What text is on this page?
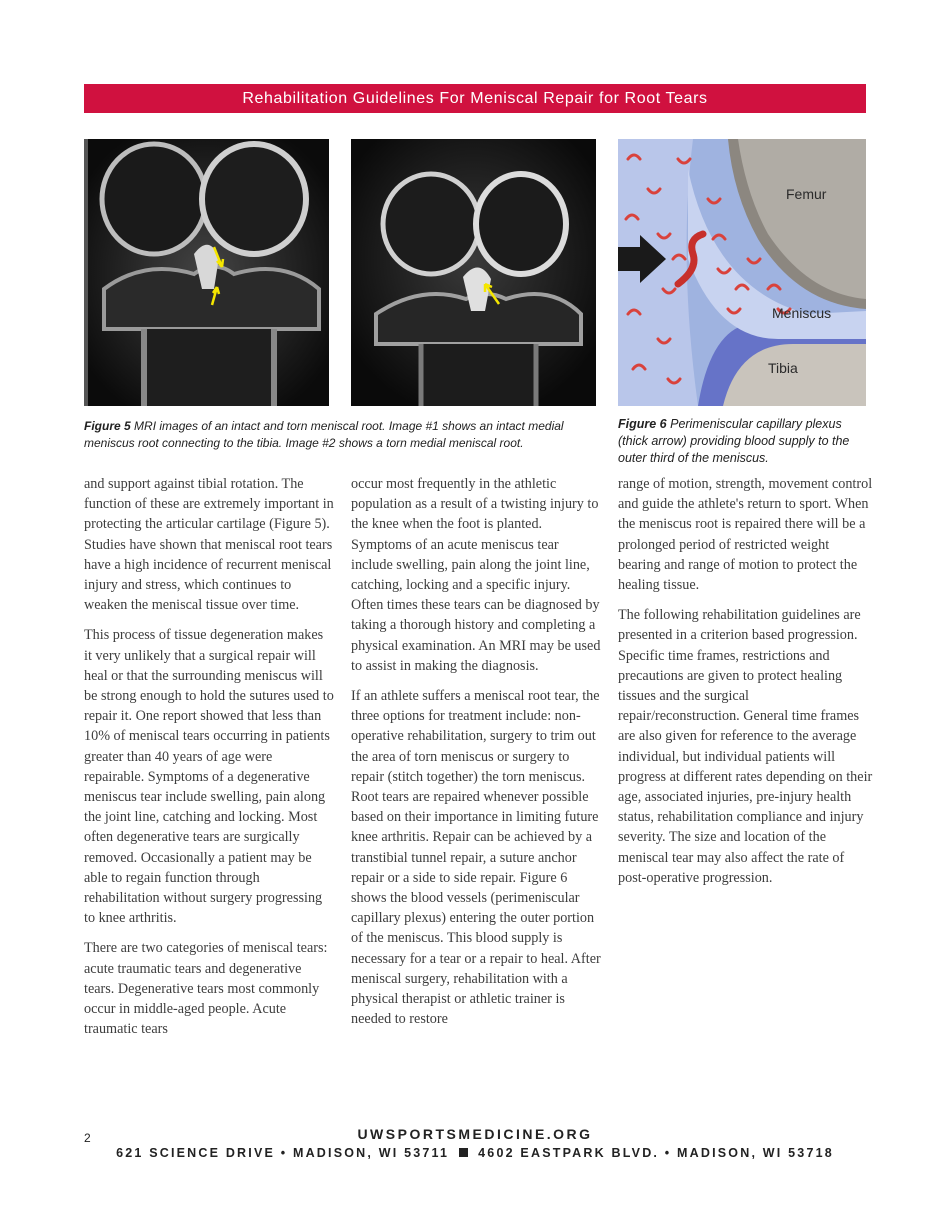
Rehabilitation Guidelines For Meniscal Repair for Root Tears
Femur
Meniscus
Tibia
Figure 5 MRI images of an intact and torn meniscal root. Image #1 shows an intact medial meniscus root connecting to the tibia. Image #2 shows a torn medial meniscal root.
Figure 6 Perimeniscular capillary plexus (thick arrow) providing blood supply to the outer third of the meniscus.

and support against tibial rotation. The function of these are extremely important in protecting the articular cartilage (Figure 5). Studies have shown that meniscal root tears have a high incidence of recurrent meniscal injury and stress, which continues to weaken the meniscal tissue over time.

This process of tissue degeneration makes it very unlikely that a surgical repair will heal or that the surrounding meniscus will be strong enough to hold the sutures used to repair it. One report showed that less than 10% of meniscal tears occurring in patients greater than 40 years of age were repairable. Symptoms of a degenerative meniscus tear include swelling, pain along the joint line, catching and locking. Most often degenerative tears are surgically removed. Occasionally a patient may be able to regain function through rehabilitation without surgery progressing to knee arthritis.

There are two categories of meniscal tears: acute traumatic tears and degenerative tears. Degenerative tears most commonly occur in middle-aged people. Acute traumatic tears

occur most frequently in the athletic population as a result of a twisting injury to the knee when the foot is planted. Symptoms of an acute meniscus tear include swelling, pain along the joint line, catching, locking and a specific injury. Often times these tears can be diagnosed by taking a thorough history and completing a physical examination. An MRI may be used to assist in making the diagnosis.

If an athlete suffers a meniscal root tear, the three options for treatment include: non-operative rehabilitation, surgery to trim out the area of torn meniscus or surgery to repair (stitch together) the torn meniscus. Root tears are repaired whenever possible based on their importance in limiting future knee arthritis. Repair can be achieved by a transtibial tunnel repair, a suture anchor repair or a side to side repair. Figure 6 shows the blood vessels (perimeniscular capillary plexus) entering the outer portion of the meniscus. This blood supply is necessary for a tear or a repair to heal. After meniscal surgery, rehabilitation with a physical therapist or athletic trainer is needed to restore

range of motion, strength, movement control and guide the athlete's return to sport. When the meniscus root is repaired there will be a prolonged period of restricted weight bearing and range of motion to protect the healing tissue.

The following rehabilitation guidelines are presented in a criterion based progression. Specific time frames, restrictions and precautions are given to protect healing tissues and the surgical repair/reconstruction. General time frames are also given for reference to the average individual, but individual patients will progress at different rates depending on their age, associated injuries, pre-injury health status, rehabilitation compliance and injury severity. The size and location of the meniscal tear may also affect the rate of post-operative progression.

2	UWSPORTSMEDICINE.ORG
621 SCIENCE DRIVE • MADISON, WI 53711 4602 EASTPARK BLVD. • MADISON, WI 53718
